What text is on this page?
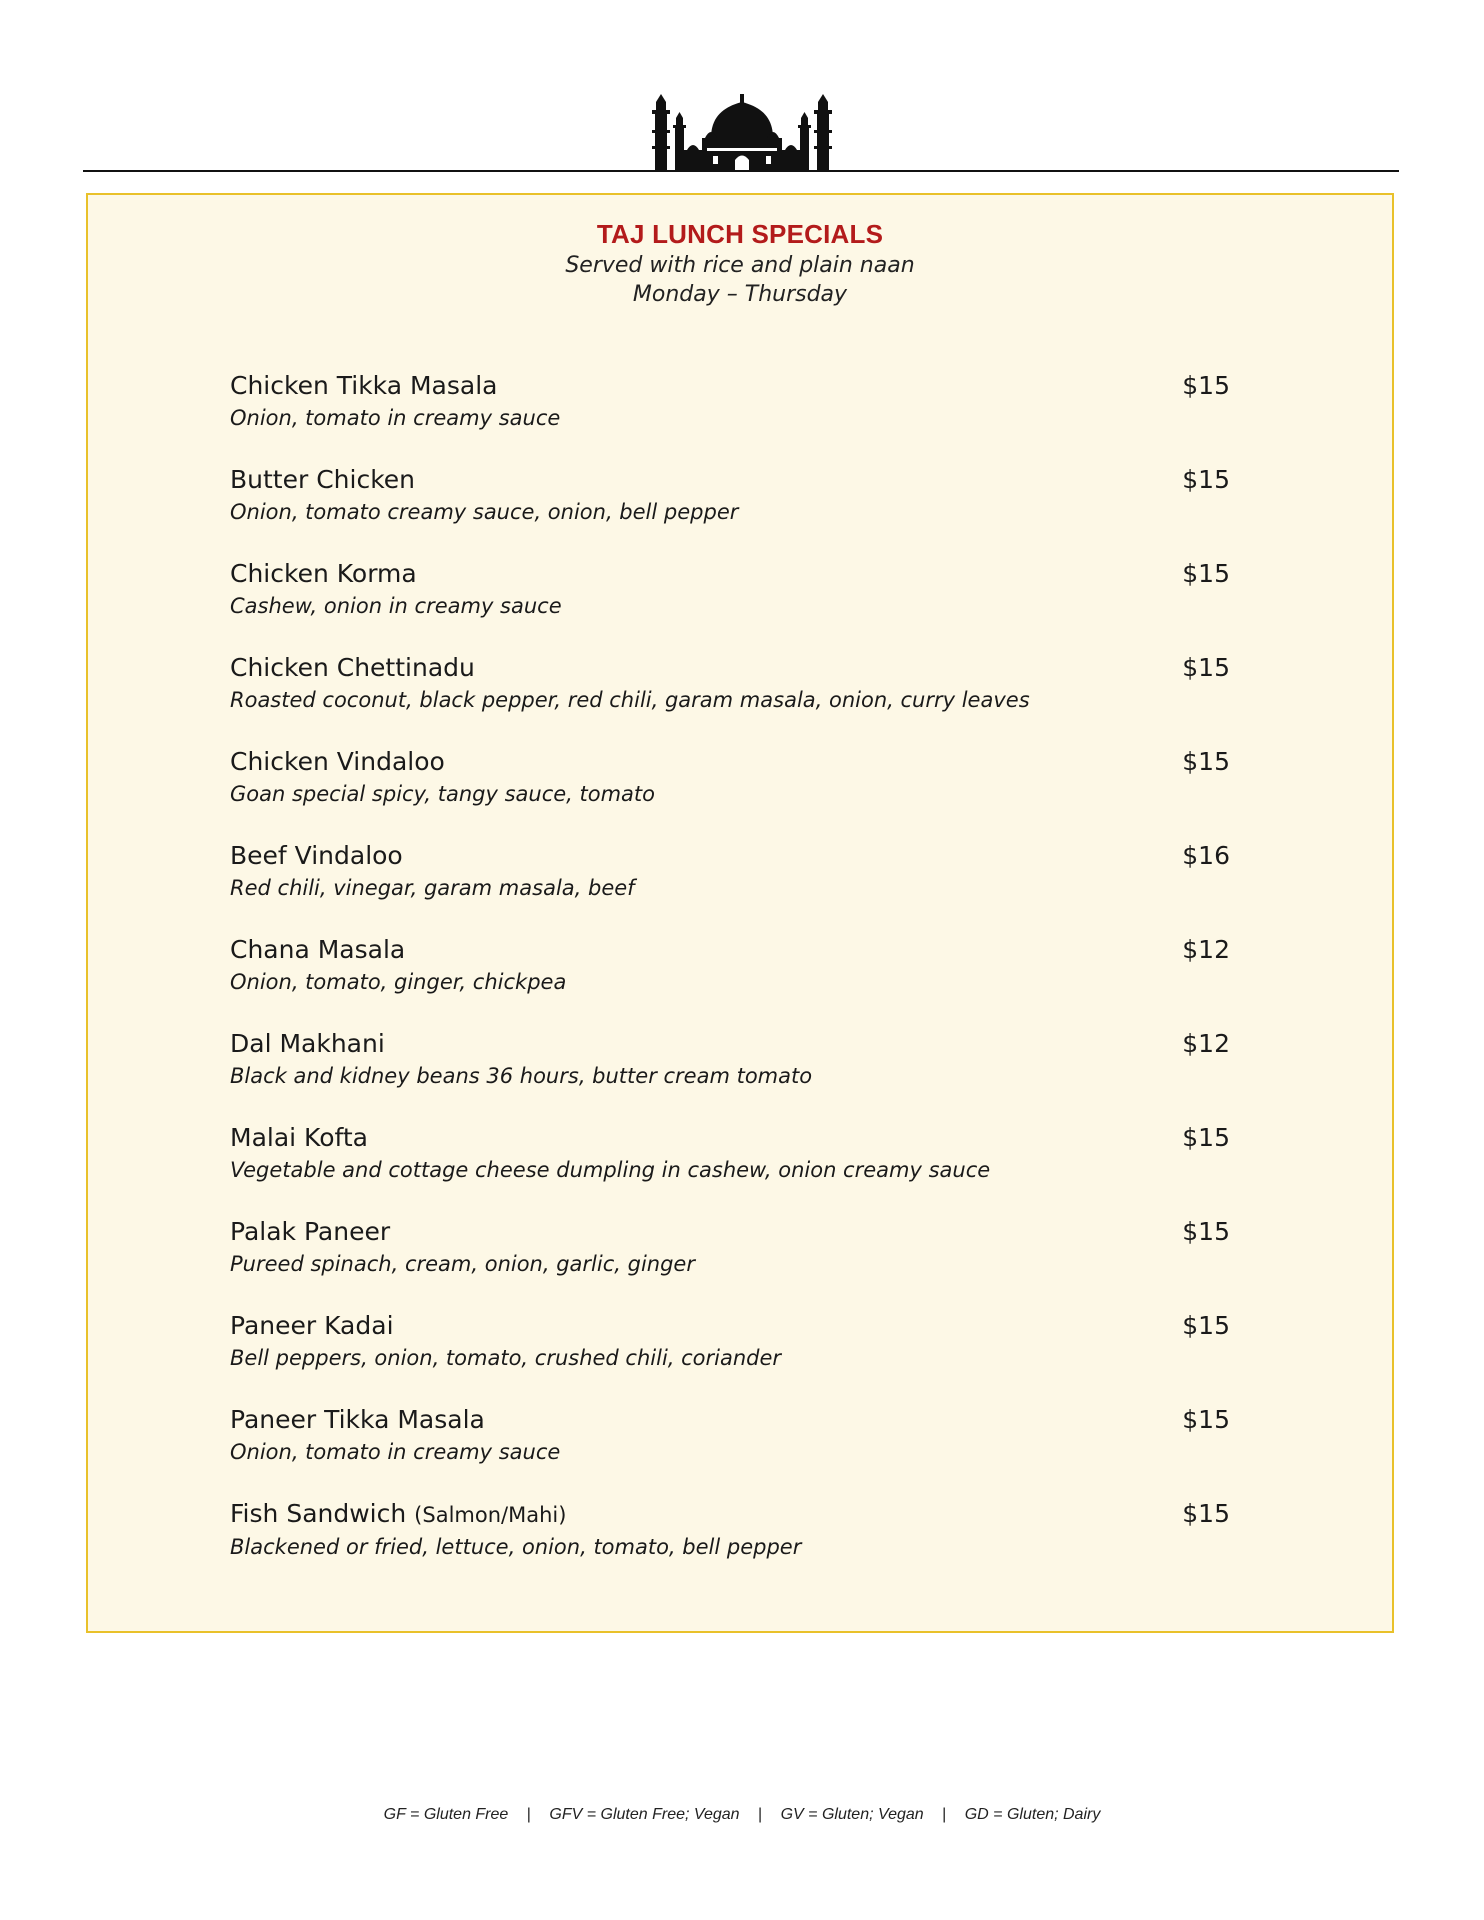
TAJ LUNCH SPECIALS
Served with rice and plain naan
Monday – Thursday
Chicken Tikka Masala
Onion, tomato in creamy sauce
$15
Butter Chicken
Onion, tomato creamy sauce, onion, bell pepper
$15
Chicken Korma
Cashew, onion in creamy sauce
$15
Chicken Chettinadu
Roasted coconut, black pepper, red chili, garam masala, onion, curry leaves
$15
Chicken Vindaloo
Goan special spicy, tangy sauce, tomato
$15
Beef Vindaloo
Red chili, vinegar, garam masala, beef
$16
Chana Masala
Onion, tomato, ginger, chickpea
$12
Dal Makhani
Black and kidney beans 36 hours, butter cream tomato
$12
Malai Kofta
Vegetable and cottage cheese dumpling in cashew, onion creamy sauce
$15
Palak Paneer
Pureed spinach, cream, onion, garlic, ginger
$15
Paneer Kadai
Bell peppers, onion, tomato, crushed chili, coriander
$15
Paneer Tikka Masala
Onion, tomato in creamy sauce
$15
Fish Sandwich (Salmon/Mahi)
Blackened or fried, lettuce, onion, tomato, bell pepper
$15
GF = Gluten Free | GFV = Gluten Free; Vegan | GV = Gluten; Vegan | GD = Gluten; Dairy
